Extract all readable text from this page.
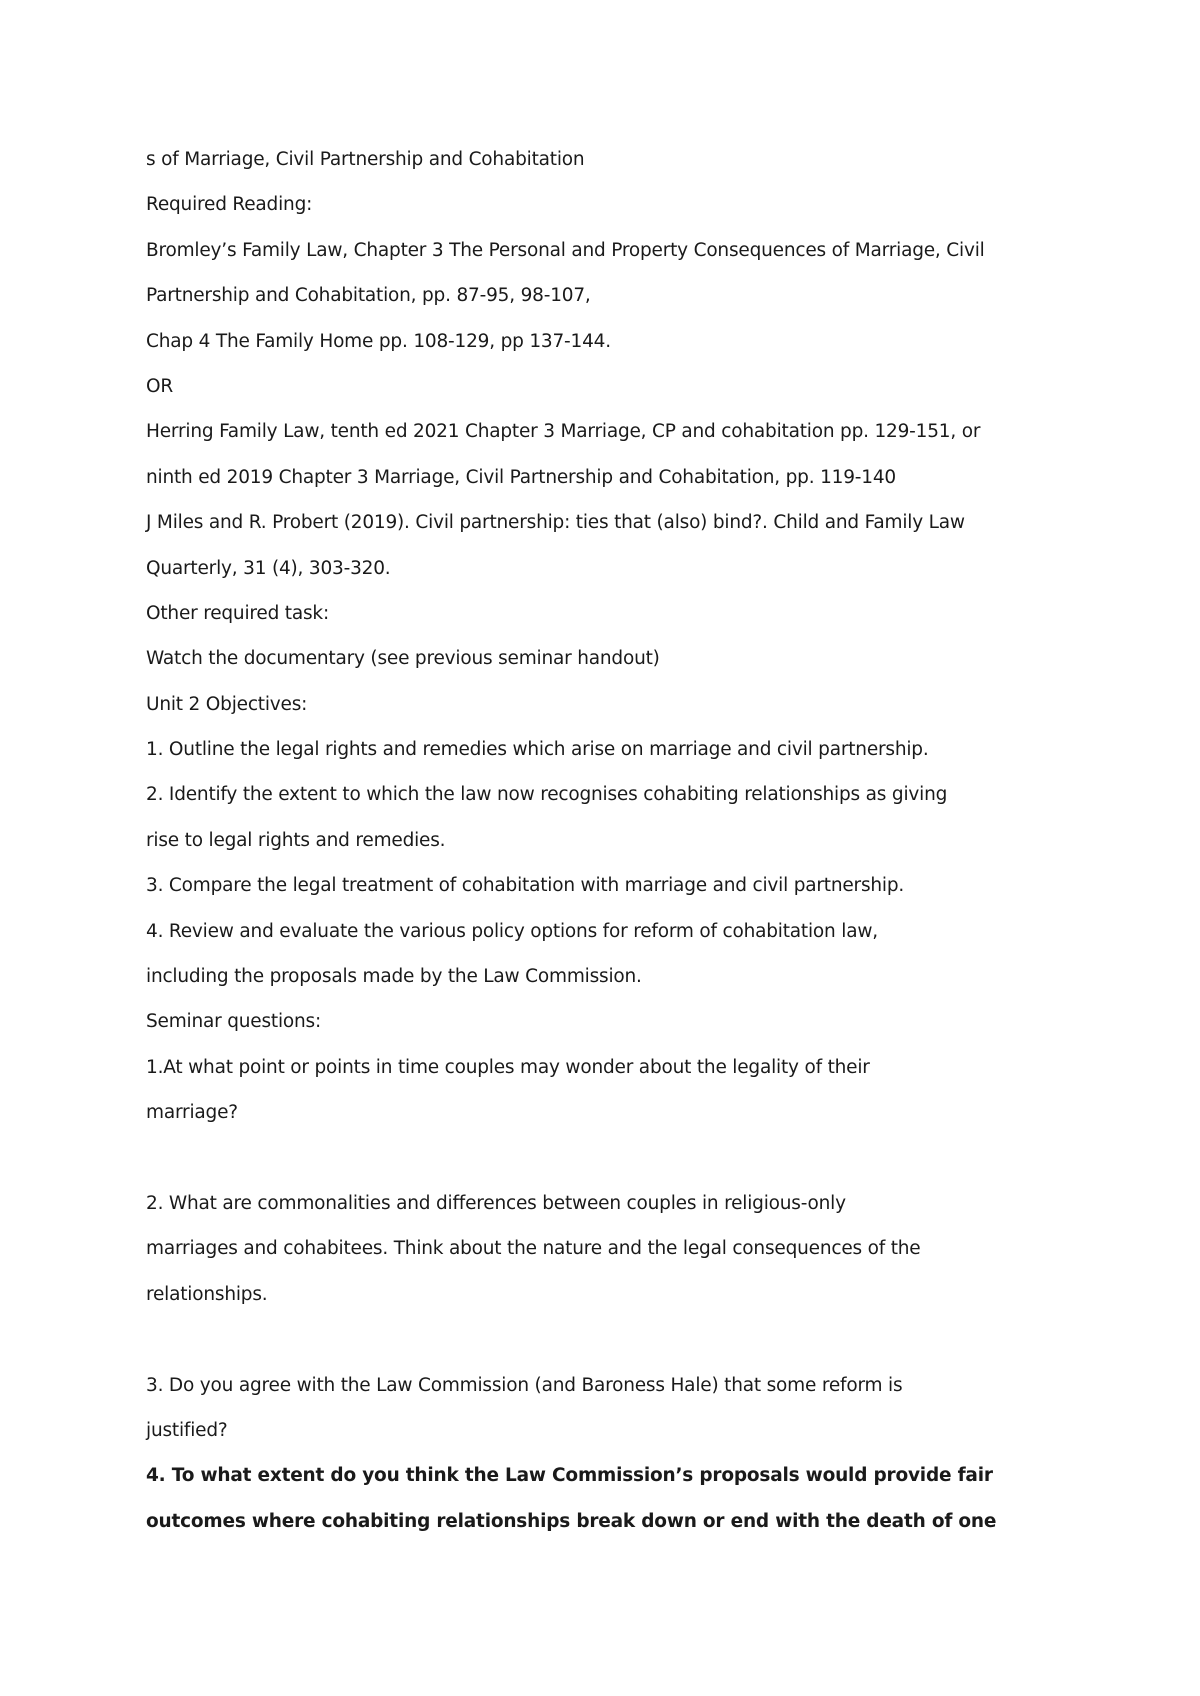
s of Marriage, Civil Partnership and Cohabitation
Required Reading:
Bromley’s Family Law, Chapter 3 The Personal and Property Consequences of Marriage, Civil
Partnership and Cohabitation, pp. 87-95, 98-107,
Chap 4 The Family Home pp. 108-129, pp 137-144.
OR
Herring Family Law, tenth ed 2021 Chapter 3 Marriage, CP and cohabitation pp. 129-151, or
ninth ed 2019 Chapter 3 Marriage, Civil Partnership and Cohabitation, pp. 119-140
J Miles and R. Probert (2019). Civil partnership: ties that (also) bind?. Child and Family Law
Quarterly, 31 (4), 303-320.
Other required task:
Watch the documentary (see previous seminar handout)
Unit 2 Objectives:
1. Outline the legal rights and remedies which arise on marriage and civil partnership.
2. Identify the extent to which the law now recognises cohabiting relationships as giving
rise to legal rights and remedies.
3. Compare the legal treatment of cohabitation with marriage and civil partnership.
4. Review and evaluate the various policy options for reform of cohabitation law,
including the proposals made by the Law Commission.
Seminar questions:
1.At what point or points in time couples may wonder about the legality of their
marriage?
2. What are commonalities and differences between couples in religious-only
marriages and cohabitees. Think about the nature and the legal consequences of the
relationships.
3. Do you agree with the Law Commission (and Baroness Hale) that some reform is
justified?
4. To what extent do you think the Law Commission’s proposals would provide fair
outcomes where cohabiting relationships break down or end with the death of one
